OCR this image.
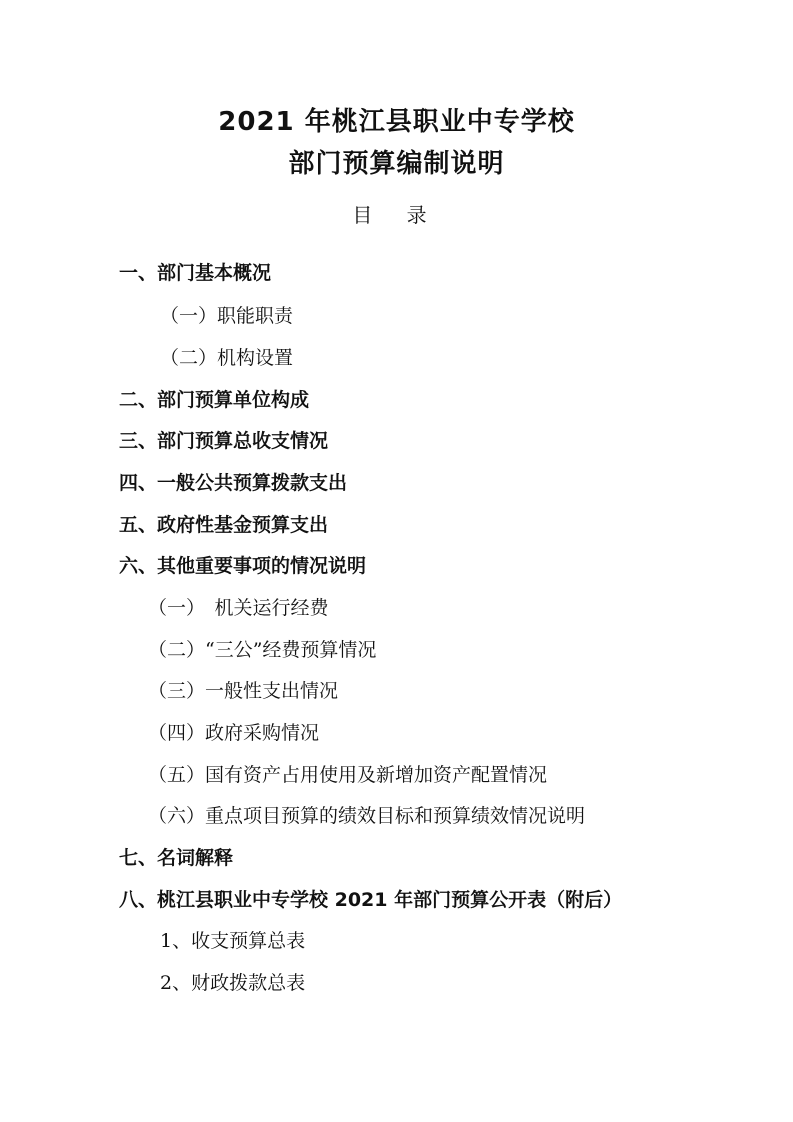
2021 年桃江县职业中专学校
部门预算编制说明
目 录
一、部门基本概况
（一）职能职责
（二）机构设置
二、部门预算单位构成
三、部门预算总收支情况
四、一般公共预算拨款支出
五、政府性基金预算支出
六、其他重要事项的情况说明
（一）　机关运行经费
（二）“三公”经费预算情况
（三）一般性支出情况
（四）政府采购情况
（五）国有资产占用使用及新增加资产配置情况
（六）重点项目预算的绩效目标和预算绩效情况说明
七、名词解释
八、桃江县职业中专学校 2021 年部门预算公开表（附后）
1、收支预算总表
2、财政拨款总表
